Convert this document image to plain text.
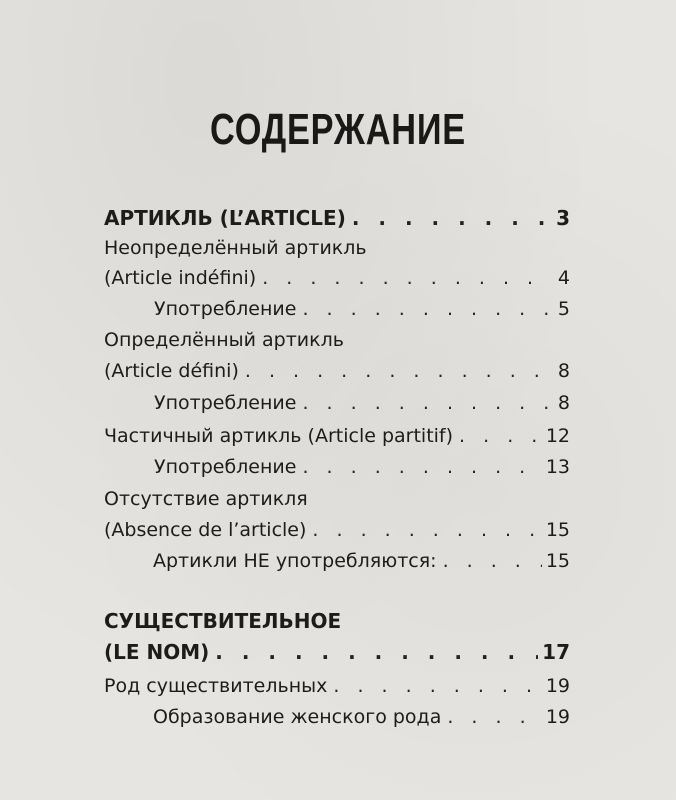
СОДЕРЖАНИЕ
АРТИКЛЬ (L’ARTICLE) . . .	3
Неопределённый артикль
(Article indéfini) . . .	4
Употребление . . .	5
Определённый артикль
(Article défini) . . .	8
Употребление . . .	8
Частичный артикль (Article partitif) . . .	12
Употребление . . .	13
Отсутствие артикля
(Absence de l’article) . . .	15
Артикли НЕ употребляются: . . .	15
СУЩЕСТВИТЕЛЬНОЕ
(LE NOM) . . .	17
Род существительных . . .	19
Образование женского рода . . .	19
